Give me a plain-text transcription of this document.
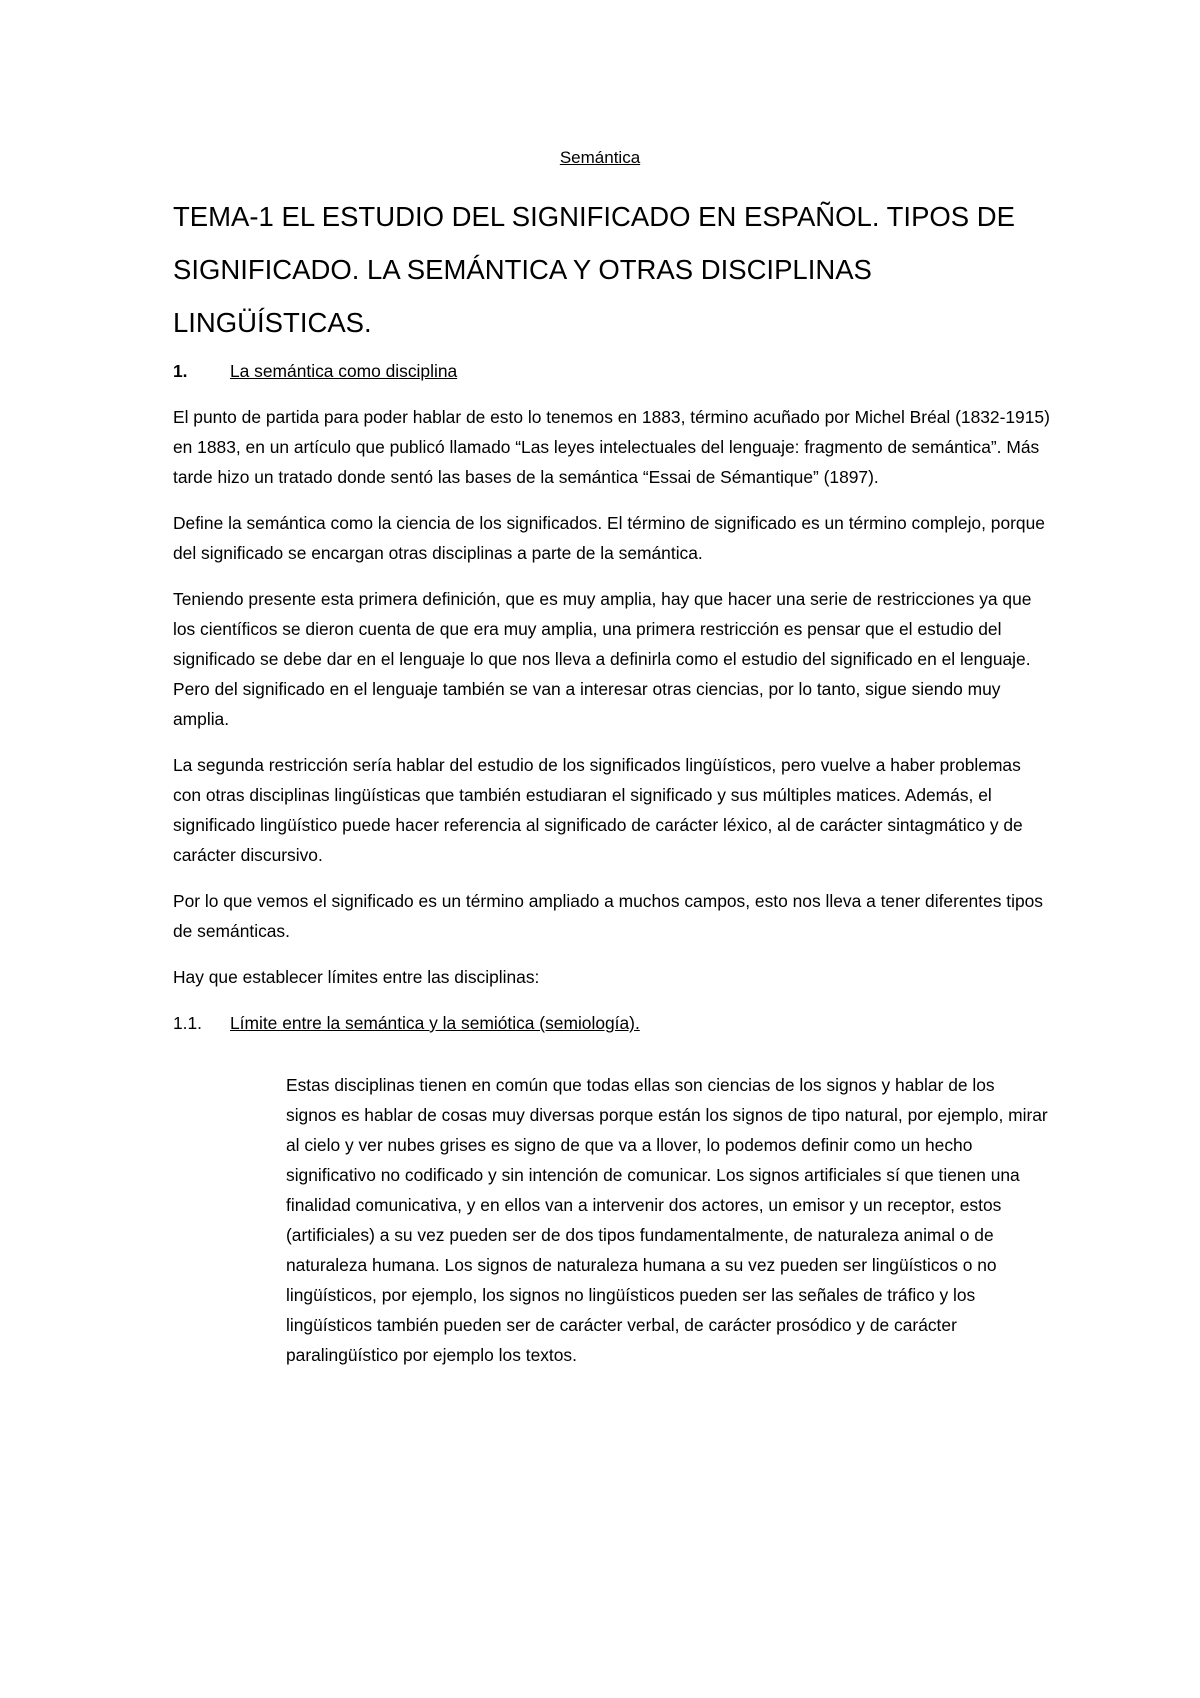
Semántica
TEMA-1 EL ESTUDIO DEL SIGNIFICADO EN ESPAÑOL. TIPOS DE SIGNIFICADO. LA SEMÁNTICA Y OTRAS DISCIPLINAS LINGÜÍSTICAS.
1.	La semántica como disciplina

El punto de partida para poder hablar de esto lo tenemos en 1883, término acuñado por Michel Bréal (1832-1915) en 1883, en un artículo que publicó llamado “Las leyes intelectuales del lenguaje: fragmento de semántica”. Más tarde hizo un tratado donde sentó las bases de la semántica “Essai de Sémantique” (1897).

Define la semántica como la ciencia de los significados. El término de significado es un término complejo, porque del significado se encargan otras disciplinas a parte de la semántica.

Teniendo presente esta primera definición, que es muy amplia, hay que hacer una serie de restricciones ya que los científicos se dieron cuenta de que era muy amplia, una primera restricción es pensar que el estudio del significado se debe dar en el lenguaje lo que nos lleva a definirla como el estudio del significado en el lenguaje. Pero del significado en el lenguaje también se van a interesar otras ciencias, por lo tanto, sigue siendo muy amplia.

La segunda restricción sería hablar del estudio de los significados lingüísticos, pero vuelve a haber problemas con otras disciplinas lingüísticas que también estudiaran el significado y sus múltiples matices. Además, el significado lingüístico puede hacer referencia al significado de carácter léxico, al de carácter sintagmático y de carácter discursivo.

Por lo que vemos el significado es un término ampliado a muchos campos, esto nos lleva a tener diferentes tipos de semánticas.

Hay que establecer límites entre las disciplinas:

1.1.	Límite entre la semántica y la semiótica (semiología).

Estas disciplinas tienen en común que todas ellas son ciencias de los signos y hablar de los signos es hablar de cosas muy diversas porque están los signos de tipo natural, por ejemplo, mirar al cielo y ver nubes grises es signo de que va a llover, lo podemos definir como un hecho significativo no codificado y sin intención de comunicar. Los signos artificiales sí que tienen una finalidad comunicativa, y en ellos van a intervenir dos actores, un emisor y un receptor, estos (artificiales) a su vez pueden ser de dos tipos fundamentalmente, de naturaleza animal o de naturaleza humana. Los signos de naturaleza humana a su vez pueden ser lingüísticos o no lingüísticos, por ejemplo, los signos no lingüísticos pueden ser las señales de tráfico y los lingüísticos también pueden ser de carácter verbal, de carácter prosódico y de carácter paralingüístico por ejemplo los textos.
